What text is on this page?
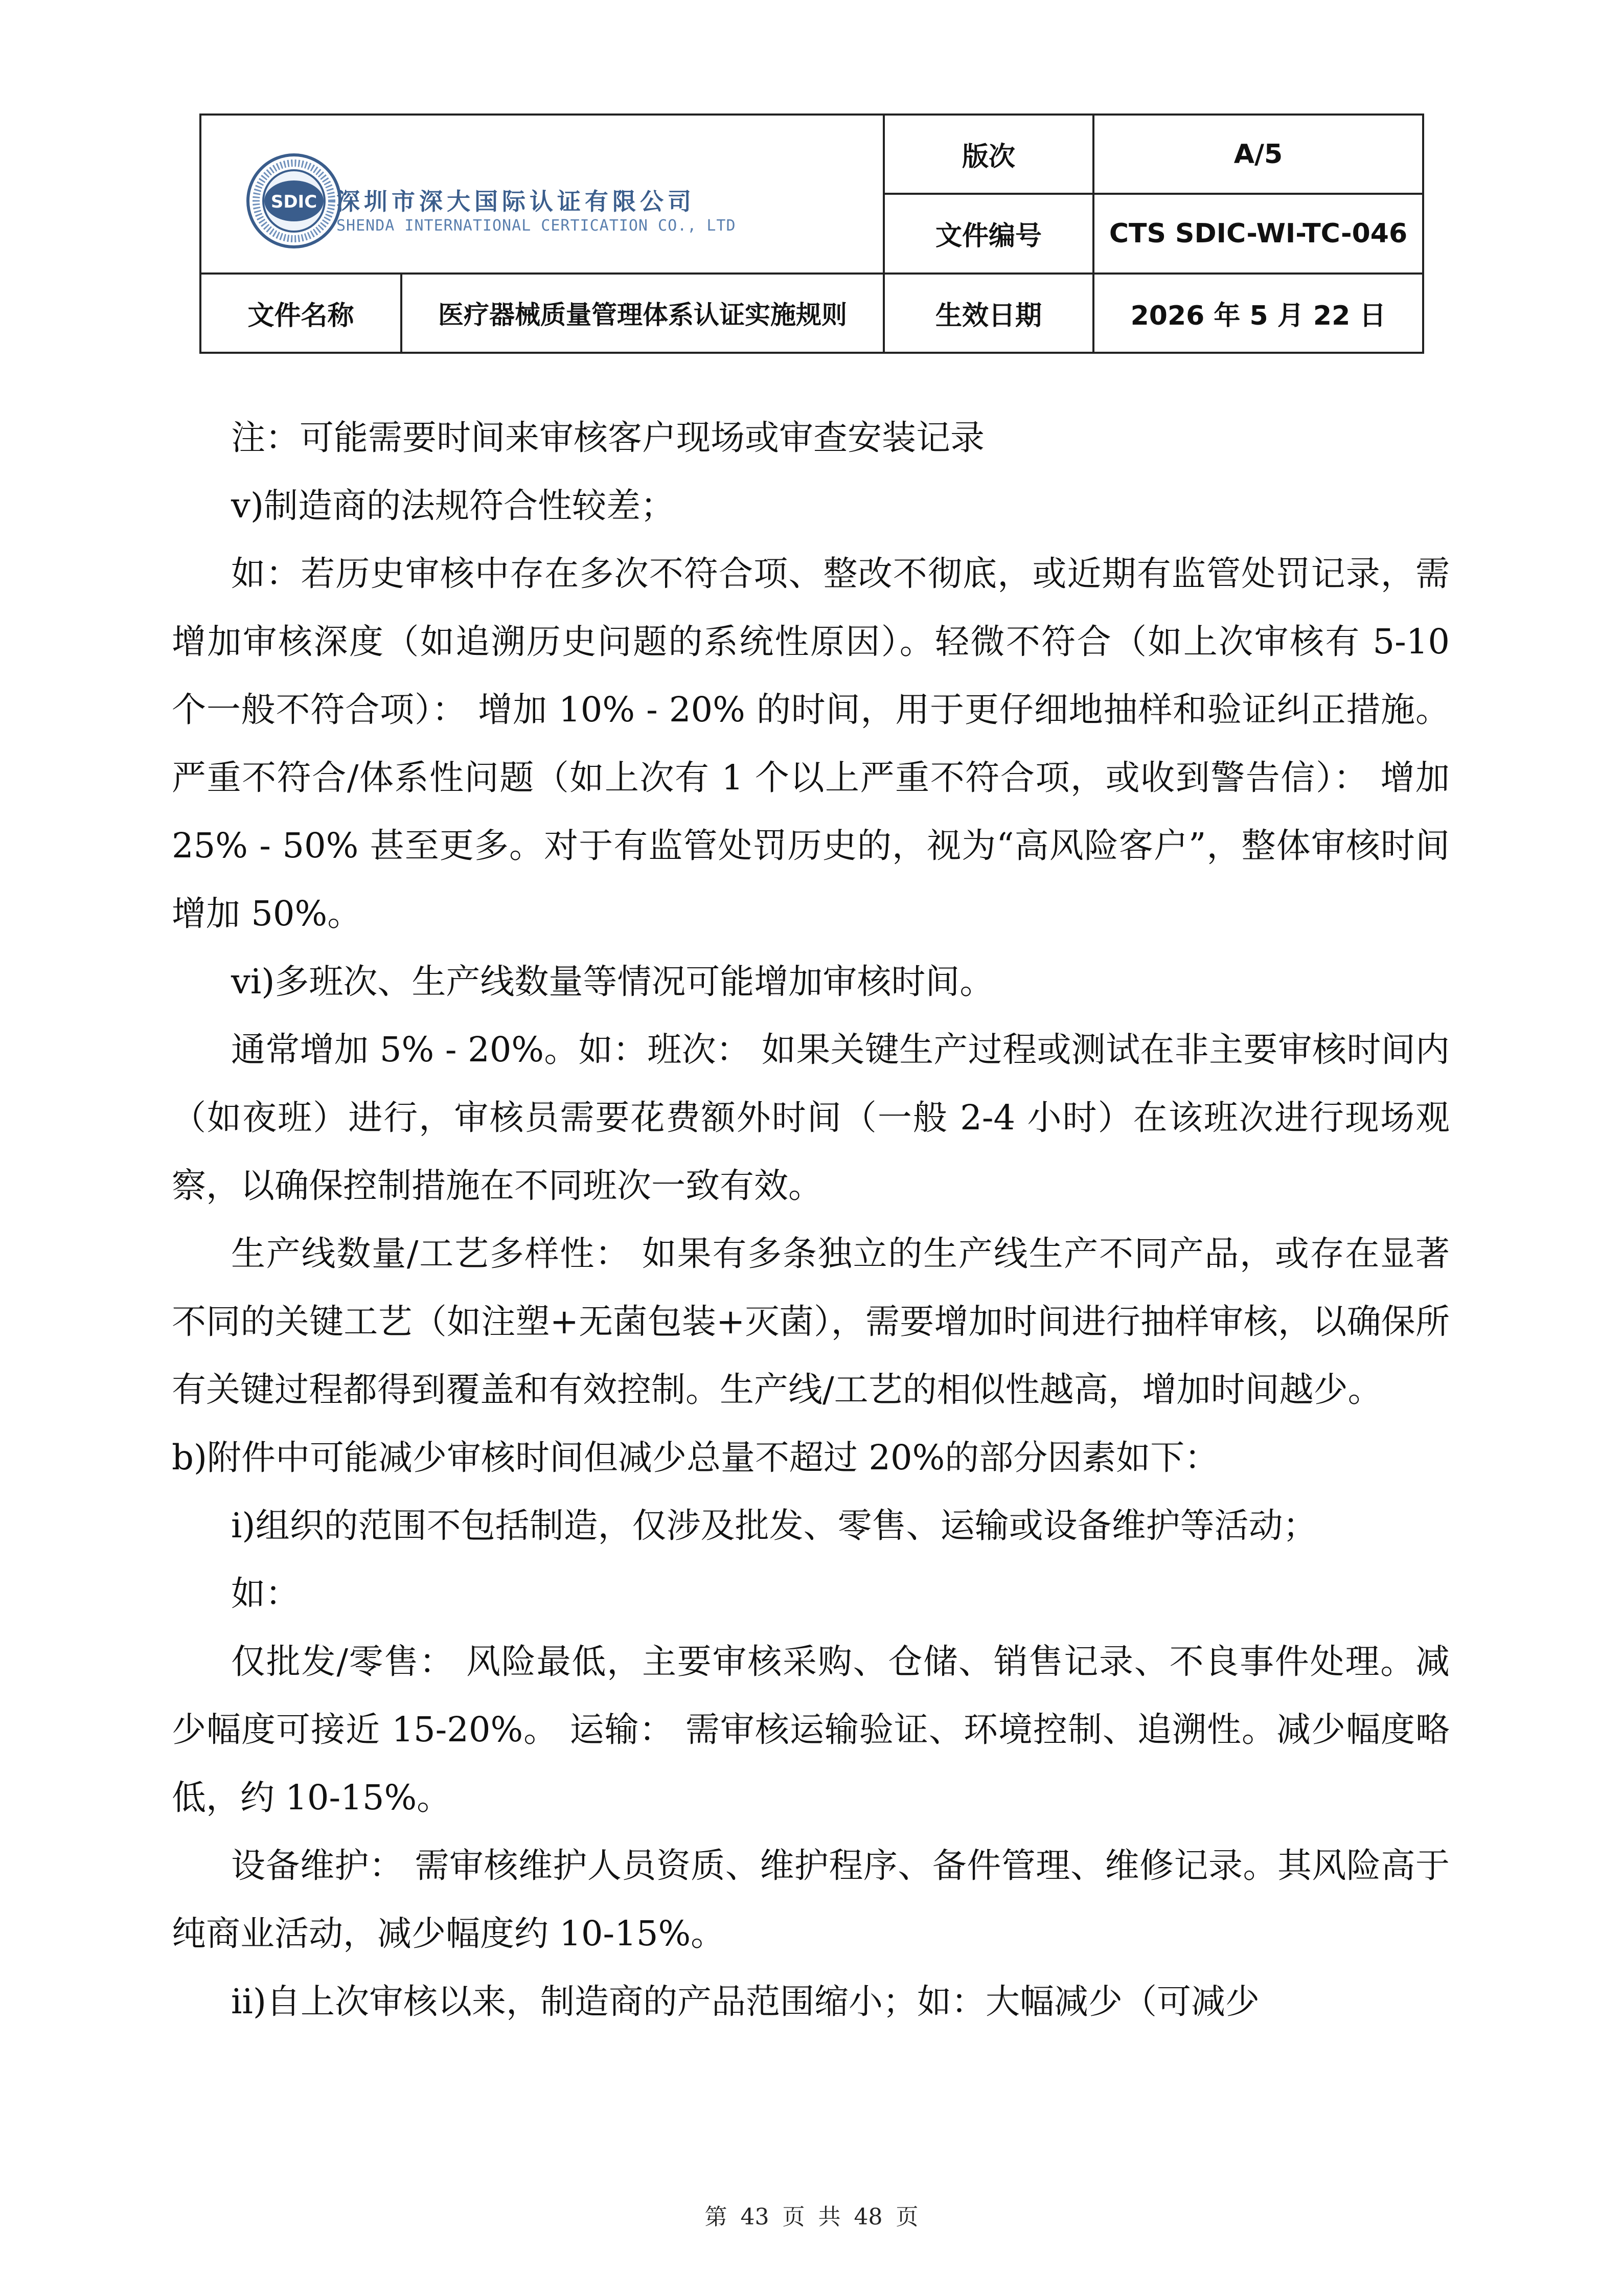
SDIC 深圳市深大国际认证有限公司
SHENDA INTERNATIONAL CERTICATION CO., LTD		版次	A/5
		文件编号	CTS SDIC-WI-TC-046
文件名称	医疗器械质量管理体系认证实施规则	生效日期	2026 年 5 月 22 日

注：可能需要时间来审核客户现场或审查安装记录

v)制造商的法规符合性较差；

如：若历史审核中存在多次不符合项、整改不彻底，或近期有监管处罚记录，需增加审核深度（如追溯历史问题的系统性原因）。轻微不符合（如上次审核有 5-10 个一般不符合项）： 增加 10% - 20% 的时间，用于更仔细地抽样和验证纠正措施。严重不符合/体系性问题（如上次有 1 个以上严重不符合项，或收到警告信）： 增加 25% - 50% 甚至更多。对于有监管处罚历史的，视为“高风险客户”，整体审核时间增加 50%。

vi)多班次、生产线数量等情况可能增加审核时间。

通常增加 5% - 20%。如：班次： 如果关键生产过程或测试在非主要审核时间内（如夜班）进行，审核员需要花费额外时间（一般 2-4 小时）在该班次进行现场观察，以确保控制措施在不同班次一致有效。

生产线数量/工艺多样性： 如果有多条独立的生产线生产不同产品，或存在显著不同的关键工艺（如注塑+无菌包装+灭菌），需要增加时间进行抽样审核，以确保所有关键过程都得到覆盖和有效控制。生产线/工艺的相似性越高，增加时间越少。

b)附件中可能减少审核时间但减少总量不超过 20%的部分因素如下：

i)组织的范围不包括制造，仅涉及批发、零售、运输或设备维护等活动；

如：

仅批发/零售： 风险最低，主要审核采购、仓储、销售记录、不良事件处理。减少幅度可接近 15-20%。 运输： 需审核运输验证、环境控制、追溯性。减少幅度略低，约 10-15%。

设备维护： 需审核维护人员资质、维护程序、备件管理、维修记录。其风险高于纯商业活动，减少幅度约 10-15%。

ii)自上次审核以来，制造商的产品范围缩小；如：大幅减少（可减少

第 43 页 共 48 页
